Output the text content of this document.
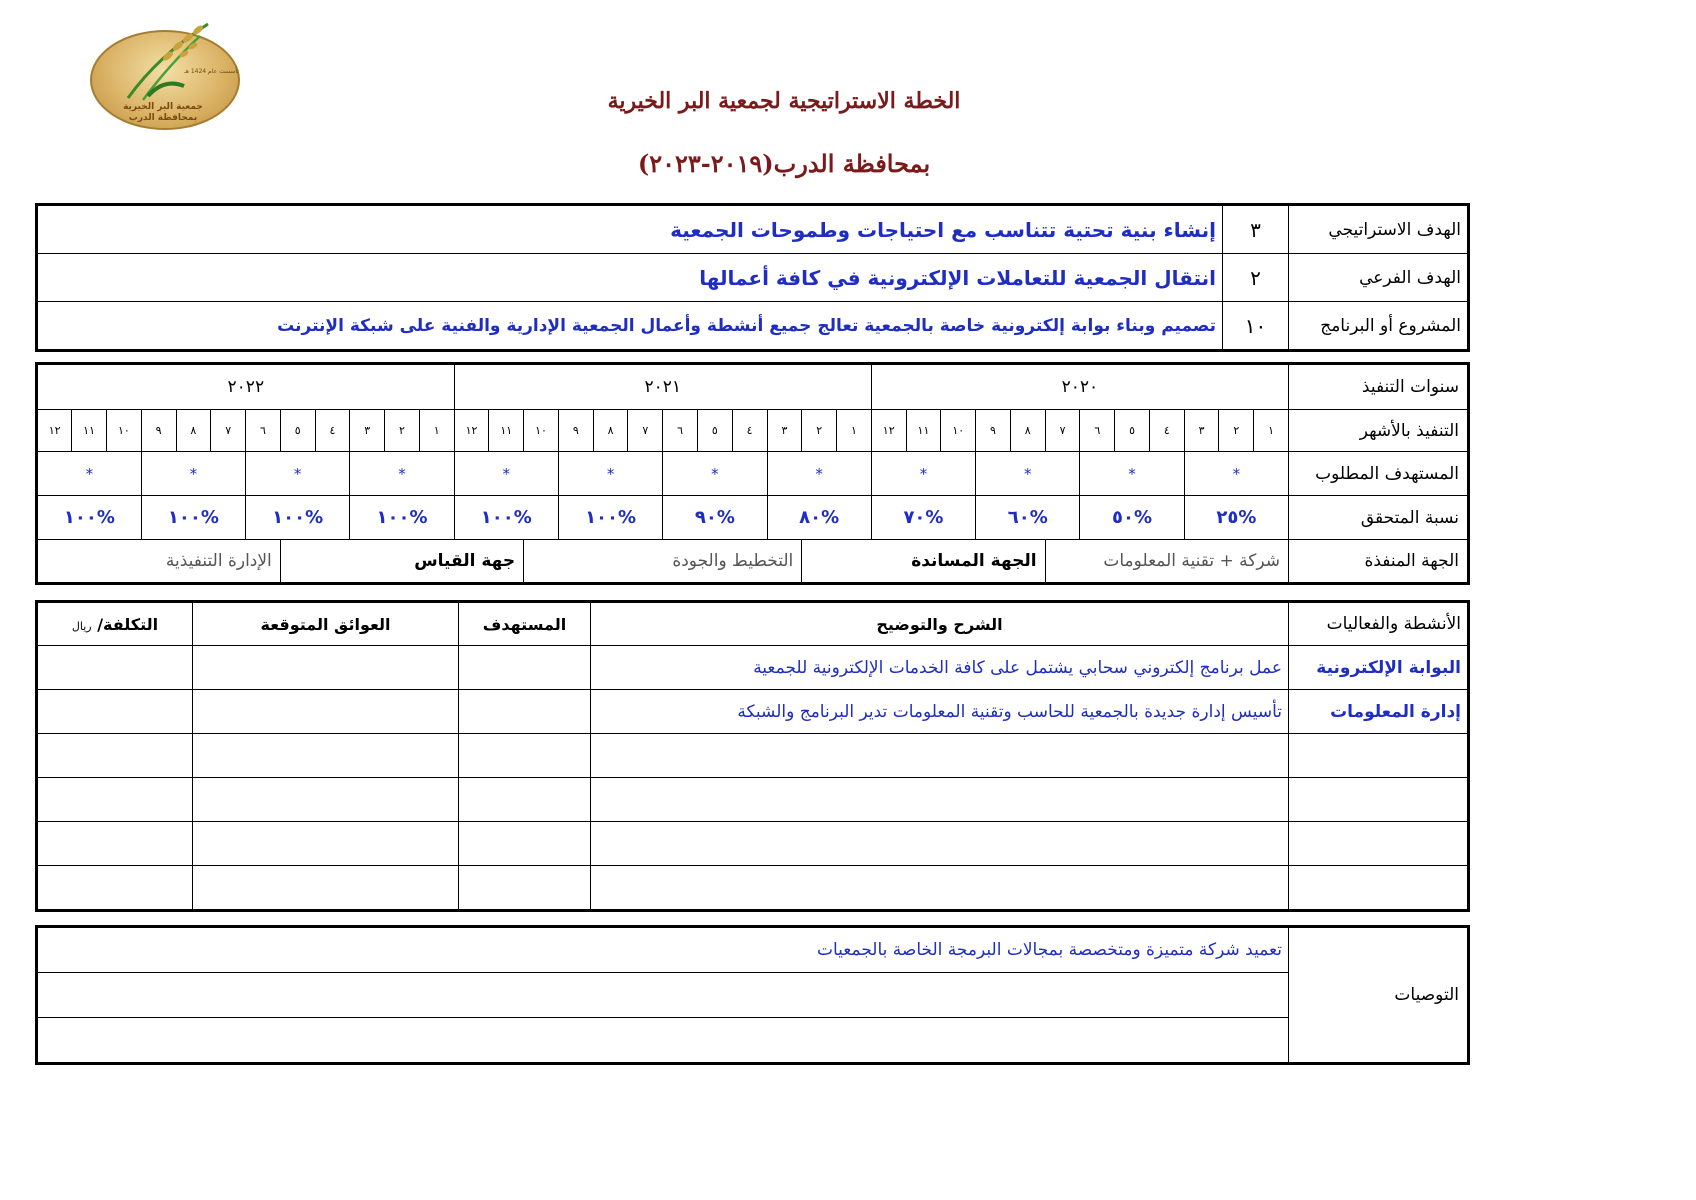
تأسست عام 1424 هـ
جمعية البر الخيرية
بمحافظة الدرب
الخطة الاستراتيجية لجمعية البر الخيرية
بمحافظة الدرب(٢٠١٩-٢٠٢٣)
الهدف الاستراتيجي	٣	إنشاء بنية تحتية تتناسب مع احتياجات وطموحات الجمعية
الهدف الفرعي	٢	انتقال الجمعية للتعاملات الإلكترونية في كافة أعمالها
المشروع أو البرنامج	١٠	تصميم وبناء بوابة إلكترونية خاصة بالجمعية تعالج جميع أنشطة وأعمال الجمعية الإدارية والفنية على شبكة الإنترنت
سنوات التنفيذ	٢٠٢٠												٢٠٢١												٢٠٢٢											
التنفيذ بالأشهر	١	٢	٣	٤	٥	٦	٧	٨	٩	١٠	١١	١٢	١	٢	٣	٤	٥	٦	٧	٨	٩	١٠	١١	١٢	١	٢	٣	٤	٥	٦	٧	٨	٩	١٠	١١	١٢
المستهدف المطلوب	*			*			*			*			*			*			*			*			*			*			*			*		
نسبة المتحقق	%٢٥			%٥٠			%٦٠			%٧٠			%٨٠			%٩٠			%١٠٠			%١٠٠			%١٠٠			%١٠٠			%١٠٠			%١٠٠		
الجهة المنفذة	شركة + تقنية المعلومات							الجهة المساندة							التخطيط والجودة								جهة القياس							الإدارة التنفيذية						
الأنشطة والفعاليات	الشرح والتوضيح	المستهدف	العوائق المتوقعة	التكلفة/ ريال
البوابة الإلكترونية	عمل برنامج إلكتروني سحابي يشتمل على كافة الخدمات الإلكترونية للجمعية			
إدارة المعلومات	تأسيس إدارة جديدة بالجمعية للحاسب وتقنية المعلومات تدير البرنامج والشبكة			

التوصيات	تعميد شركة متميزة ومتخصصة بمجالات البرمجة الخاصة بالجمعيات
